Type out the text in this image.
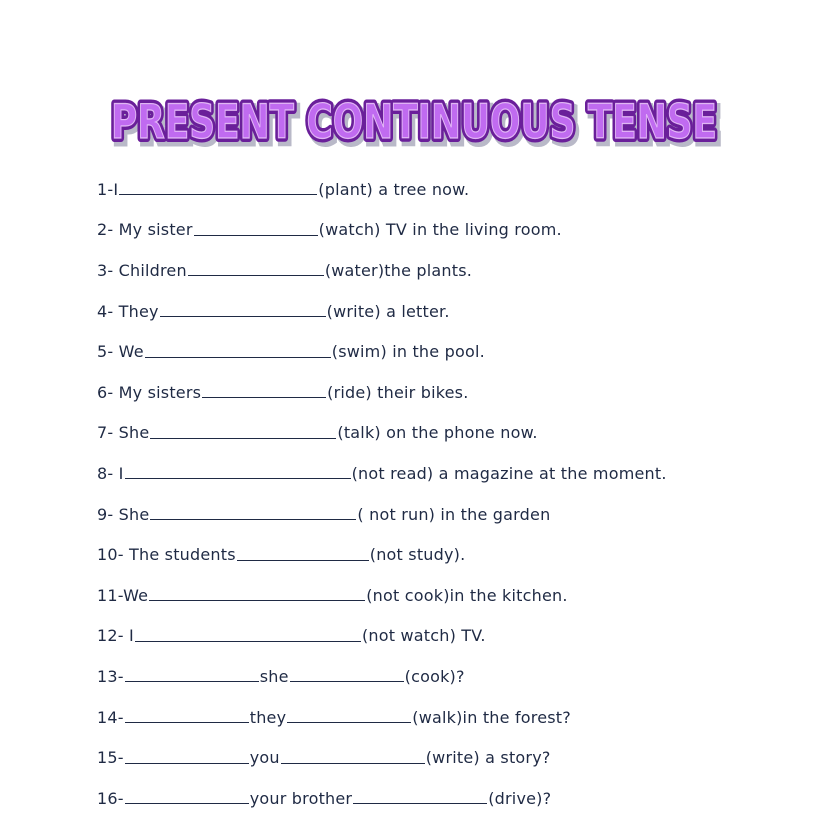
PRESENT CONTINUOUS TENSE
PRESENT CONTINUOUS TENSE
PRESENT CONTINUOUS TENSE
PRESENT CONTINUOUS TENSE
1-I	(plant) a tree now.
2- My sister	(watch) TV in the living room.
3- Children	(water)the plants.
4- They	(write) a letter.
5- We	(swim) in the pool.
6- My sisters	(ride) their bikes.
7- She	(talk) on the phone now.
8- I	(not read) a magazine at the moment.
9- She	( not run) in the garden
10- The students	(not study).
11-We	(not cook)in the kitchen.
12- I	(not watch) TV.
13-	she	(cook)?
14-	they	(walk)in the forest?
15-	you	(write) a story?
16-	your brother	(drive)?
